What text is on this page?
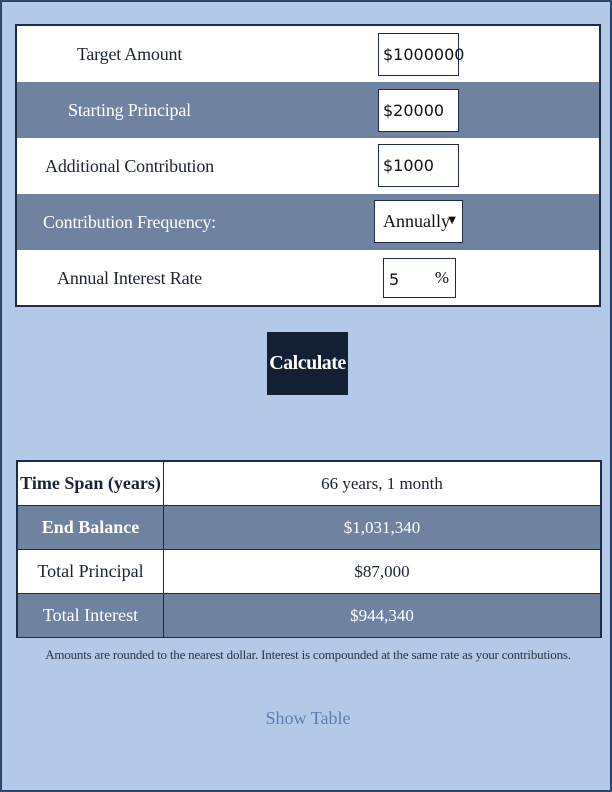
Target Amount	$1000000
Starting Principal	$20000
Additional Contribution	$1000
Contribution Frequency:	Annually
▼
Annual Interest Rate	5 %
Calculate
Time Span (years)	66 years, 1 month
End Balance	$1,031,340
Total Principal	$87,000
Total Interest	$944,340
Amounts are rounded to the nearest dollar. Interest is compounded at the same rate as your contributions.
Show Table
